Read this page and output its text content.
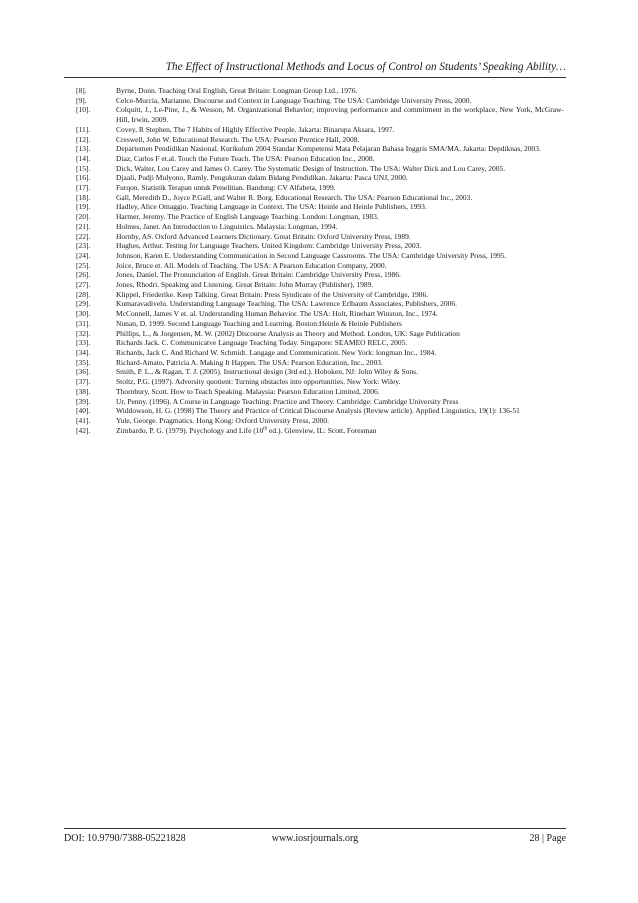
The Effect of Instructional Methods and Locus of Control on Students’ Speaking Ability…
[8].	Byrne, Donn. Teaching Oral English, Great Britain: Longman Group Ltd., 1976.
[9].	Celce-Murcia, Marianne. Discourse and Context in Language Teaching. The USA: Cambridge University Press, 2000.
[10].	Colquitt, J., Le-Pine, J., & Wesson, M. Organizational Behavior; improving performance and commitment in the workplace, New York, McGraw-Hill, Irwin, 2009.
[11].	Covey, R Stephen, The 7 Habits of Highly Effective People. Jakarta: Binarupa Aksara, 1997.
[12].	Creswell, John W. Educational Research. The USA: Pearson Prentice Hall, 2008.
[13].	Departemen Pendidikan Nasional. Kurikulum 2004 Standar Kompetensi Mata Pelajaran Bahasa Inggris SMA/MA. Jakarta: Depdiknas, 2003.
[14].	Diaz, Carlos F et.al. Touch the Future Teach. The USA: Pearson Education Inc., 2008.
[15].	Dick, Walter, Lou Carey and James O. Carey. The Systematic Design of Instruction. The USA: Walter Dick and Lou Carey, 2005.
[16].	Djaali, Pudji Mulyono, Ramly. Pengukuran dalam Bidang Pendidikan. Jakarta: Pasca UNJ, 2000.
[17].	Furqon. Statistik Terapan untuk Penelitian. Bandung: CV Alfabeta, 1999.
[18].	Gall, Meredith D., Joyce P.Gall, and Walter R. Borg. Educational Research. The USA: Pearson Educational Inc., 2003.
[19].	Hadley, Alice Omaggio. Teaching Language in Context. The USA: Heinle and Heinle Publishers, 1993.
[20].	Harmer, Jeremy. The Practice of English Language Teaching. London: Longman, 1983.
[21].	Holmes, Janet. An Introduction to Linguistics. Malaysia: Longman, 1994.
[22].	Hornby, AS. Oxford Advanced Learners Dictionary. Great Britain: Oxford University Press, 1989.
[23].	Hughes, Arthur. Testing for Language Teachers. United Kingdom: Cambridge University Press, 2003.
[24].	Johnson, Karen E. Understanding Communication in Second Language Cassrooms. The USA: Cambridge University Press, 1995.
[25].	Joice, Bruce et. All. Models of Teaching. The USA: A Pearson Education Company, 2000.
[26].	Jones, Daniel. The Pronunciation of English. Great Britain: Cambridge University Press, 1986.
[27].	Jones, Rhodri. Speaking and Listening. Great Britain: John Murray (Publisher), 1989.
[28].	Klippel, Friederike. Keep Talking. Great Britain: Press Syndicate of the University of Cambridge, 1986.
[29].	Kumaravadivelu. Understanding Language Teaching. The USA: Lawrence Erlbaum Associates, Publishers, 2006.
[30].	McConnell, James V et. al. Understanding Human Behavior. The USA: Holt, Rinehart Winston, Inc., 1974.
[31].	Nunan, D. 1999. Second Language Teaching and Learning. Boston:Heinle & Heinle Publishers
[32].	Phillips, L., & Jorgensen, M. W. (2002) Discourse Analysis as Theory and Method. London, UK: Sage Publication
[33].	Richards Jack. C. Communicatve Language Teaching Today. Singapore: SEAMEO RELC, 2005.
[34].	Richards, Jack C. And Richard W. Schmidt. Langage and Communication. New York: longman Inc., 1984.
[35].	Richard-Amato, Patricia A. Making It Happen. The USA: Pearson Education, Inc., 2003.
[36].	Smith, P. L., & Ragan, T. J. (2005). Instructional design (3rd ed.). Hoboken, NJ: John Wiley & Sons.
[37].	Stoltz, P.G. (1997). Adversity quotient: Turning obstacles into opportunities. New York: Wiley.
[38].	Thornbury, Scott. How to Teach Speaking. Malaysia: Pearson Education Limited, 2006.
[39].	Ur, Penny. (1996). A Course in Language Teaching: Practice and Theory. Cambridge: Cambridge University Press
[40].	Widdowson, H. G. (1998) The Theory and Practice of Critical Discourse Analysis (Review article). Applied Linguistics, 19(1): 136-51
[41].	Yule, George. Pragmatics. Hong Kong: Oxford University Press, 2000.
[42].	Zimbardo, P. G. (1979). Psychology and Life (10th ed.). Glenview, IL: Scott, Foresman
DOI: 10.9790/7388-05221828	www.iosrjournals.org	28 | Page
